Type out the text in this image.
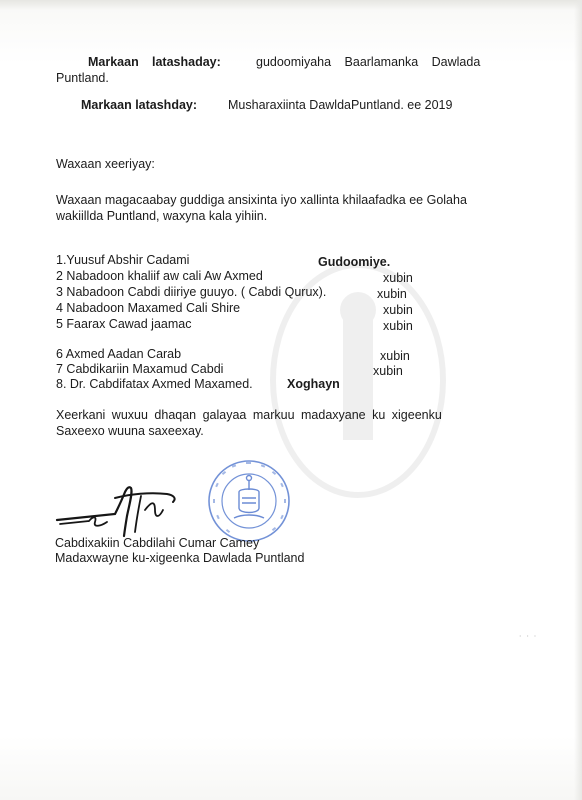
Markaan latashaday:	gudoomiyaha Baarlamanka Dawlada
Puntland.
Markaan latashday: Musharaxiinta DawldaPuntland. ee 2019
Waxaan xeeriyay:
Waxaan magacaabay guddiga ansixinta iyo xallinta khilaafadka ee Golaha
wakiillda Puntland, waxyna kala yihiin.
1.Yuusuf Abshir Cadami	Gudoomiye.
2 Nabadoon khaliif aw cali Aw Axmed	xubin
3 Nabadoon Cabdi diiriye guuyo. ( Cabdi Qurux).	xubin
4 Nabadoon Maxamed Cali Shire	xubin
5 Faarax Cawad jaamac	xubin
6 Axmed Aadan Carab	xubin
7 Cabdikariin Maxamud Cabdi	xubin
8. Dr. Cabdifatax Axmed Maxamed.	Xoghayn
Xeerkani wuxuu dhaqan galayaa markuu madaxyane ku xigeenku
Saxeexo wuuna saxeexay.
Cabdixakiin Cabdilahi Cumar Camey
Madaxwayne ku-xigeenka Dawlada Puntland
ᐧ ᐧ ᐧ
